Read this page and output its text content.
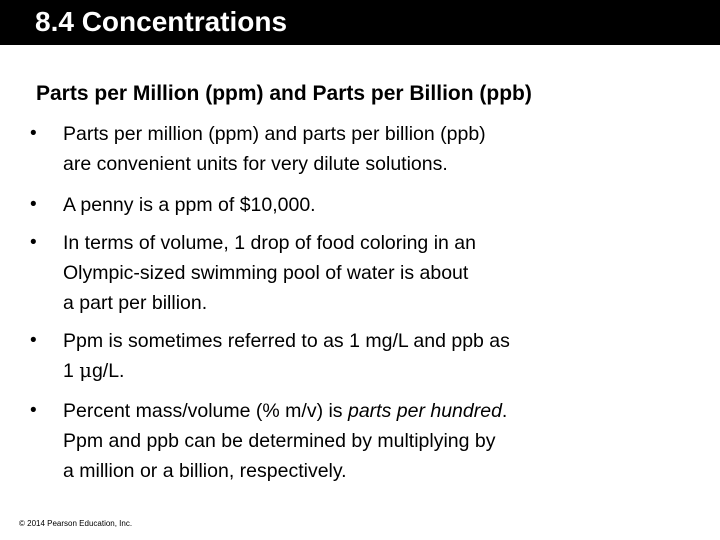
8.4 Concentrations
Parts per Million (ppm) and Parts per Billion (ppb)
•	Parts per million (ppm) and parts per billion (ppb)
are convenient units for very dilute solutions.
•	A penny is a ppm of $10,000.
•	In terms of volume, 1 drop of food coloring in an
Olympic-sized swimming pool of water is about
a part per billion.
•	Ppm is sometimes referred to as 1 mg/L and ppb as
1 μg/L.
•	Percent mass/volume (% m/v) is parts per hundred.
Ppm and ppb can be determined by multiplying by
a million or a billion, respectively.
© 2014 Pearson Education, Inc.
